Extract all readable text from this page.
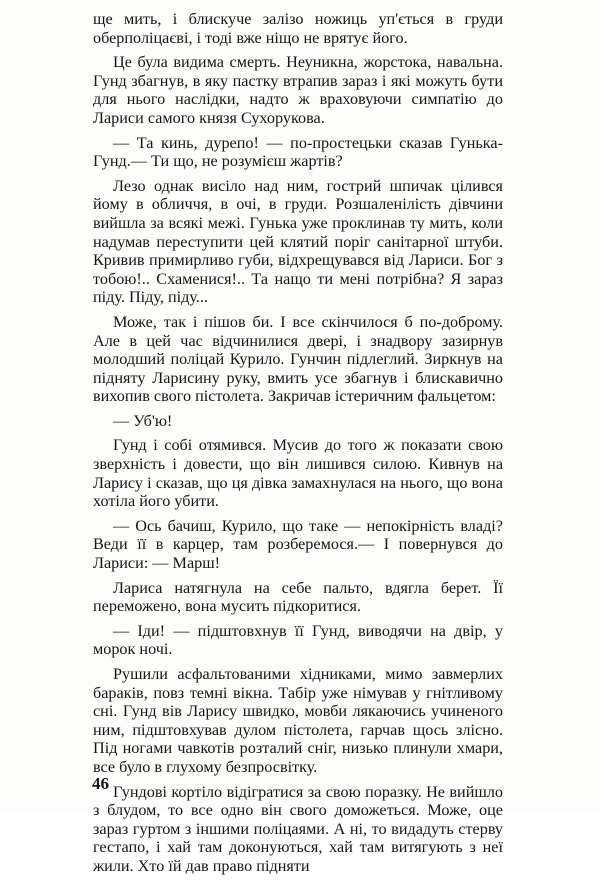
ще мить, і блискуче залізо ножиць уп'ється в груди оберполіцаєві, і тоді вже ніщо не врятує його.

Це була видима смерть. Неуникна, жорстока, навальна. Гунд збагнув, в яку пастку втрапив зараз і які можуть бути для нього наслідки, надто ж враховуючи симпатію до Лариси самого князя Сухорукова.

— Та кинь, дурепо! — по-простецьки сказав Гунька-Гунд.— Ти що, не розумієш жартів?

Лезо однак висіло над ним, гострий шпичак цілився йому в обличчя, в очі, в груди. Розшаленіліcть дівчини вийшла за всякі межі. Гунька уже проклинав ту мить, коли надумав переступити цей клятий поріг санітарної штуби. Кривив примирливо губи, відхрещувався від Лариси. Бог з тобою!.. Схаменися!.. Та нащо ти мені потрібна? Я зараз піду. Піду, піду...

Може, так і пішов би. І все скінчилося б по-доброму. Але в цей час відчинилися двері, і знадвору зазирнув молодший поліцай Курило. Гунчин підлеглий. Зиркнув на підняту Ларисину руку, вмить усе збагнув і блискавично вихопив свого пістолета. Закричав істеричним фальцетом:

— Уб'ю!

Гунд і собі отямився. Мусив до того ж показати свою зверхність і довести, що він лишився силою. Кивнув на Ларису і сказав, що ця дівка замахнулася на нього, що вона хотіла його убити.

— Ось бачиш, Курило, що таке — непокірність владі? Веди її в карцер, там розберемося.— І повернувся до Лариси: — Марш!

Лариса натягнула на себе пальто, вдягла берет. Її переможено, вона мусить підкоритися.

— Іди! — підштовхнув її Гунд, виводячи на двір, у морок ночі.

Рушили асфальтованими хідниками, мимо завмерлих бараків, повз темні вікна. Табір уже німував у гнітливому сні. Гунд вів Ларису швидко, мовби лякаючись учиненого ним, підштовхував дулом пістолета, гарчав щось злісно. Під ногами чавкотів розталий сніг, низько плинули хмари, все було в глухому безпросвітку.

Гундові кортіло відігратися за свою поразку. Не вийшло з блудом, то все одно він свого доможеться. Може, оце зараз гуртом з іншими поліцаями. А ні, то видадуть стерву гестапо, і хай там доконуються, хай там витягують з неї жили. Хто їй дав право підняти

46
